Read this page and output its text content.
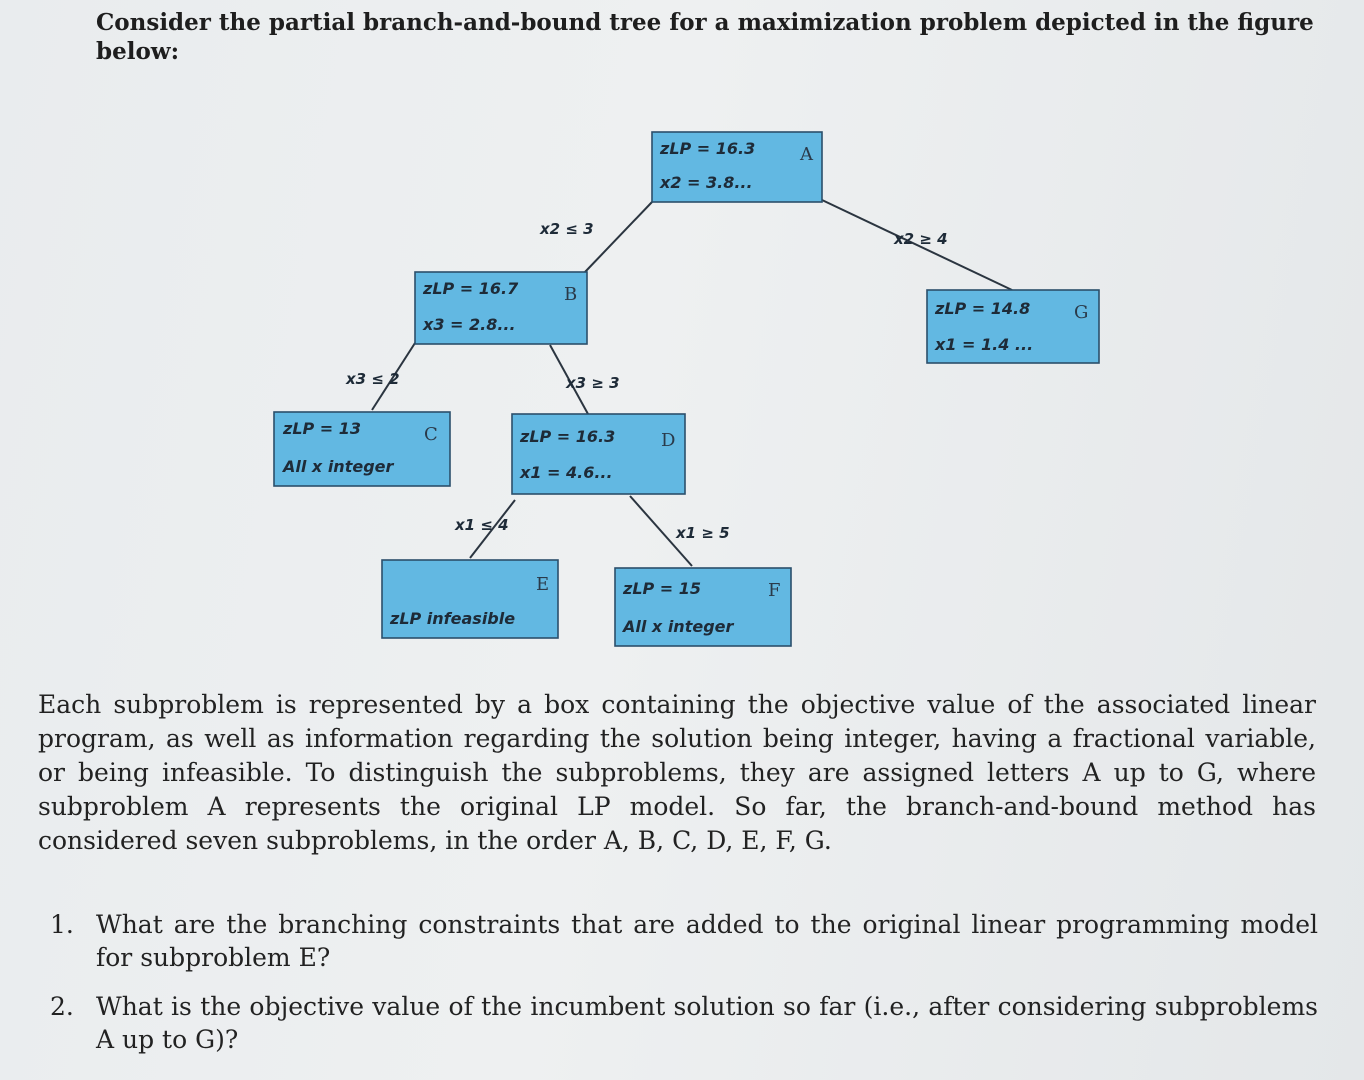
Consider the partial branch-and-bound tree for a maximization problem depicted in the figure below:

x2 ≤ 3
x2 ≥ 4
x3 ≤ 2	x3 ≥ 3
x1 ≤ 4	x1 ≥ 5
zLP = 16.3
x2 = 3.8...
A
zLP = 16.7
x3 = 2.8...
B
zLP = 13
All x integer
C	zLP = 16.3
x1 = 4.6...
D
zLP infeasible
E	zLP = 15
All x integer
F
zLP = 14.8
x1 = 1.4 ...
G

Each subproblem is represented by a box containing the objective value of the associated linear program, as well as information regarding the solution being integer, having a fractional variable, or being infeasible. To distinguish the subproblems, they are assigned letters A up to G, where subproblem A represents the original LP model. So far, the branch-and-bound method has considered seven subproblems, in the order A, B, C, D, E, F, G.

1. What are the branching constraints that are added to the original linear programming model for subproblem E?
2. What is the objective value of the incumbent solution so far (i.e., after considering subproblems A up to G)?
